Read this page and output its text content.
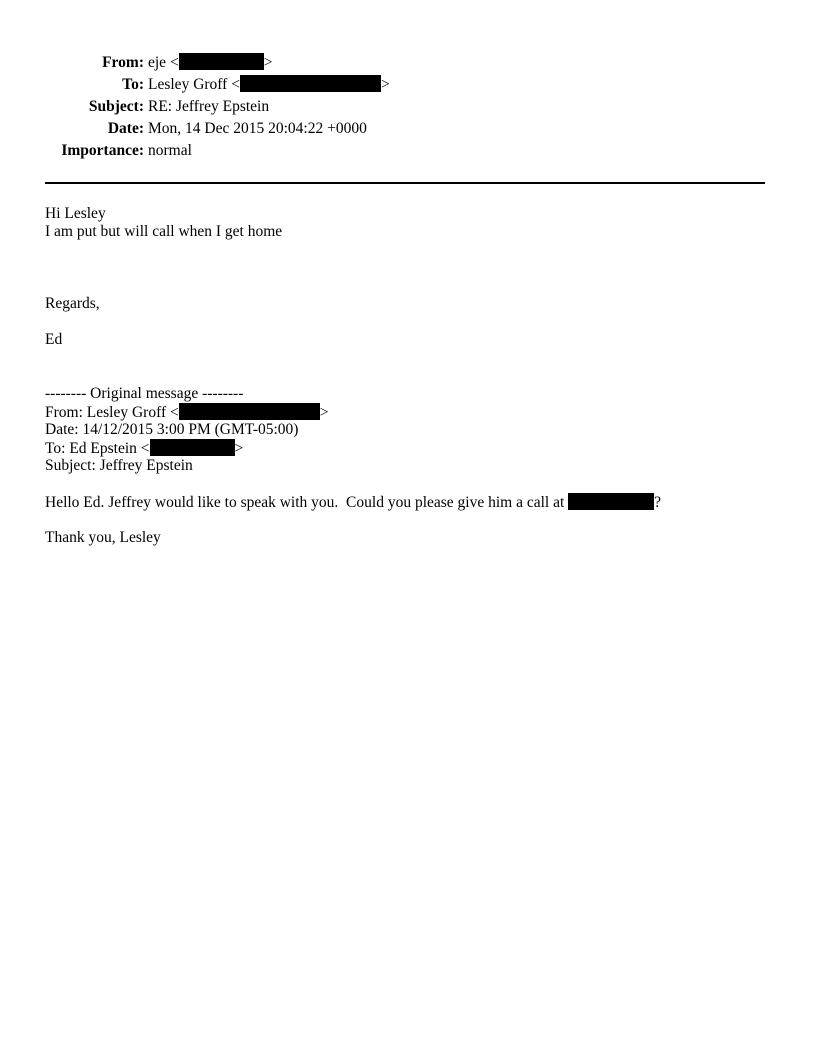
From: eje <	>
To: Lesley Groff <	>
Subject: RE: Jeffrey Epstein
Date: Mon, 14 Dec 2015 20:04:22 +0000
Importance: normal
Hi Lesley
I am put but will call when I get home
Regards,
Ed
-------- Original message --------
From: Lesley Groff <	>
Date: 14/12/2015 3:00 PM (GMT-05:00)
To: Ed Epstein <	>
Subject: Jeffrey Epstein
Hello Ed. Jeffrey would like to speak with you.  Could you please give him a call at	?
Thank you, Lesley
